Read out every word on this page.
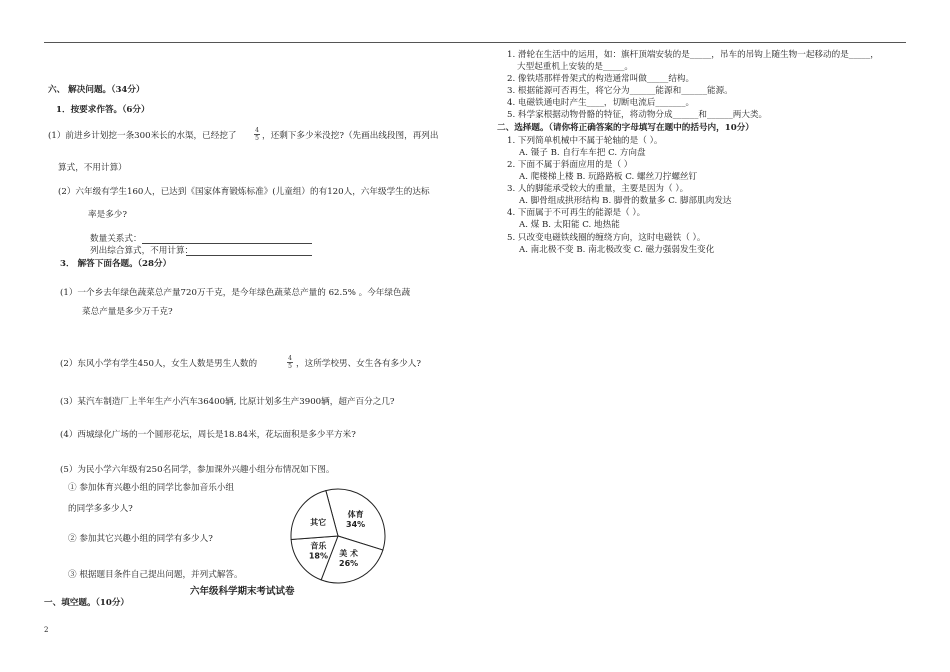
六、 解决问题。（34分）
1．按要求作答。（6分）
(1）前进乡计划挖一条300米长的水渠，已经挖了
4
5 ，还剩下多少米没挖?（先画出线段图，再列出
算式，不用计算）
(2）六年级有学生160人，已达到《国家体育锻炼标准》(儿童组）的有120人，六年级学生的达标
率是多少?
数量关系式：
列出综合算式，不用计算：
3． 解答下面各题。（28分）
(1）一个乡去年绿色蔬菜总产量720万千克，是今年绿色蔬菜总产量的 62.5% 。今年绿色蔬
菜总产量是多少万千克?
(2）东风小学有学生450人，女生人数是男生人数的
4
5 ，这所学校男、女生各有多少人?
(3）某汽车制造厂上半年生产小汽车36400辆, 比原计划多生产3900辆，超产百分之几?
(4）西城绿化广场的一个圆形花坛，周长是18.84米，花坛面积是多少平方米?
(5）为民小学六年级有250名同学，参加课外兴趣小组分布情况如下图。
① 参加体育兴趣小组的同学比参加音乐小组
的同学多多少人?
② 参加其它兴趣小组的同学有多少人?
③ 根据题目条件自己提出问题，并列式解答。
体育
34%
美 术
26%
音乐
18%
其它
六年级科学期末考试试卷
一、填空题。（10分）
2
1. 滑轮在生活中的运用，如：旗杆顶端安装的是_____，吊车的吊钩上随生物一起移动的是_____，
大型起重机上安装的是_____。
2. 像铁塔那样骨架式的构造通常叫做_____结构。
3. 根据能源可否再生，将它分为______能源和______能源。
4. 电磁铁通电时产生____，切断电流后_______。
5. 科学家根据动物骨骼的特征，将动物分成______和______两大类。
二、选择题。（请你将正确答案的字母填写在题中的括号内，10分）
1. 下列简单机械中不属于轮轴的是（ ）。
A. 镊子 B. 自行车车把 C. 方向盘
2. 下面不属于斜面应用的是（ ）
A. 爬楼梯上楼 B. 玩路路板 C. 螺丝刀拧螺丝钉
3. 人的脚能承受较大的重量，主要是因为（ ）。
A. 脚骨组成拱形结构 B. 脚骨的数量多 C. 脚部肌肉发达
4. 下面属于不可再生的能源是（ ）。
A. 煤 B. 太阳能 C. 地热能
5. 只改变电磁铁线圈的缠绕方向，这时电磁铁（ ）。
A. 南北极不变 B. 南北极改变 C. 磁力强弱发生变化
